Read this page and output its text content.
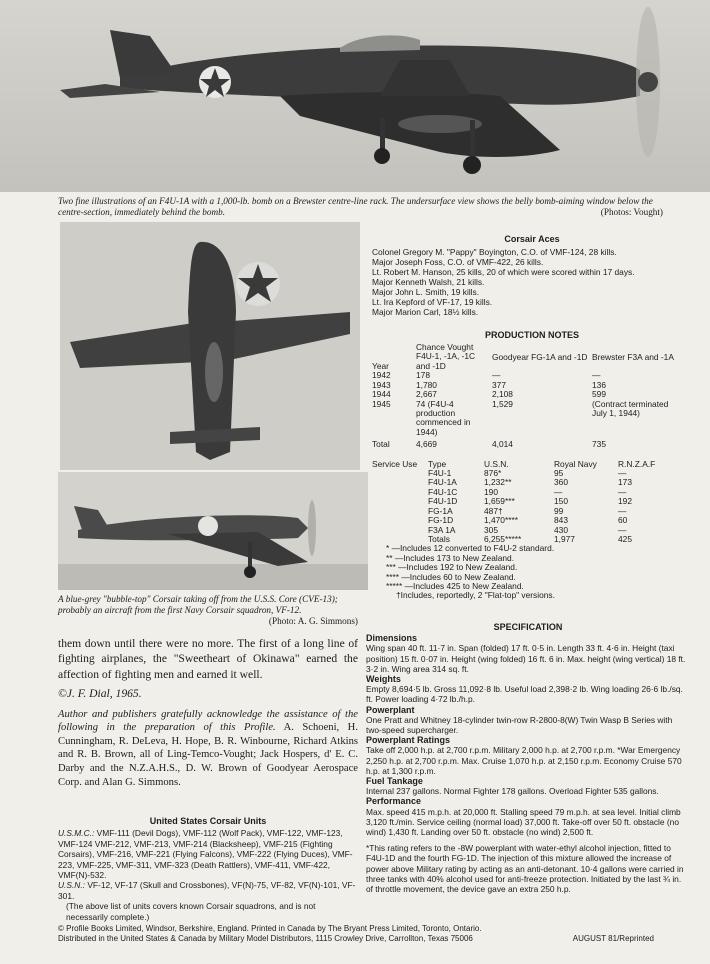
Two fine illustrations of an F4U-1A with a 1,000-lb. bomb on a Brewster centre-line rack. The undersurface view shows the belly bomb-aiming window below the centre-section, immediately behind the bomb.	(Photos: Vought)
A blue-grey "bubble-top" Corsair taking off from the U.S.S. Core (CVE-13); probably an aircraft from the first Navy Corsair squadron, VF-12.
(Photo: A. G. Simmons)
Corsair Aces
Colonel Gregory M. "Pappy" Boyington, C.O. of VMF-124, 28 kills.
Major Joseph Foss, C.O. of VMF-422, 26 kills.
Lt. Robert M. Hanson, 25 kills, 20 of which were scored within 17 days.
Major Kenneth Walsh, 21 kills.
Major John L. Smith, 19 kills.
Lt. Ira Kepford of VF-17, 19 kills.
Major Marion Carl, 18½ kills.
PRODUCTION NOTES
Year	Chance Vought F4U-1, -1A, -1C and -1D	Goodyear FG-1A and -1D	Brewster F3A and -1A
1942	178	—	—
1943	1,780	377	136
1944	2,667	2,108	599
1945	74 (F4U-4 production commenced in 1944)	1,529	(Contract terminated July 1, 1944)
Total	4,669	4,014	735
Service Use	Type	U.S.N.	Royal Navy	R.N.Z.A.F
	F4U-1	876*	95	—
	F4U-1A	1,232**	360	173
	F4U-1C	190	—	—
	F4U-1D	1,659***	150	192
	FG-1A	487†	99	—
	FG-1D	1,470****	843	60
	F3A 1A	305	430	—
	Totals	6,255*****	1,977	425
* —Includes 12 converted to F4U-2 standard.
** —Includes 173 to New Zealand.
*** —Includes 192 to New Zealand.
**** —Includes 60 to New Zealand.
***** —Includes 425 to New Zealand.
†Includes, reportedly, 2 "Flat-top" versions.
SPECIFICATION
Dimensions
Wing span 40 ft. 11·7 in. Span (folded) 17 ft. 0·5 in. Length 33 ft. 4·6 in. Height (taxi position) 15 ft. 0·07 in. Height (wing folded) 16 ft. 6 in. Max. height (wing vertical) 18 ft. 3·2 in. Wing area 314 sq. ft.
Weights
Empty 8,694·5 lb. Gross 11,092·8 lb. Useful load 2,398·2 lb. Wing loading 26·6 lb./sq. ft. Power loading 4·72 lb./h.p.
Powerplant
One Pratt and Whitney 18-cylinder twin-row R-2800-8(W) Twin Wasp B Series with two-speed supercharger.
Powerplant Ratings
Take off 2,000 h.p. at 2,700 r.p.m. Military 2,000 h.p. at 2,700 r.p.m. *War Emergency 2,250 h.p. at 2,700 r.p.m. Max. Cruise 1,070 h.p. at 2,150 r.p.m. Economy Cruise 570 h.p. at 1,300 r.p.m.
Fuel Tankage
Internal 237 gallons. Normal Fighter 178 gallons. Overload Fighter 535 gallons.
Performance
Max. speed 415 m.p.h. at 20,000 ft. Stalling speed 79 m.p.h. at sea level. Initial climb 3,120 ft./min. Service ceiling (normal load) 37,000 ft. Take-off over 50 ft. obstacle (no wind) 1,430 ft. Landing over 50 ft. obstacle (no wind) 2,500 ft.
*This rating refers to the -8W powerplant with water-ethyl alcohol injection, fitted to F4U-1D and the fourth FG-1D. The injection of this mixture allowed the increase of power above Military rating by acting as an anti-detonant. 10·4 gallons were carried in three tanks with 40% alcohol used for anti-freeze protection. Initiated by the last ¾ in. of throttle movement, the device gave an extra 250 h.p.
them down until there were no more. The first of a long line of fighting airplanes, the "Sweetheart of Okinawa" earned the affection of fighting men and earned it well.
©J. F. Dial, 1965.
Author and publishers gratefully acknowledge the assistance of the following in the preparation of this Profile. A. Schoeni, H. Cunningham, R. DeLeva, H. Hope, B. R. Winbourne, Richard Atkins and R. B. Brown, all of Ling-Temco-Vought; Jack Hospers, d' E. C. Darby and the N.Z.A.H.S., D. W. Brown of Goodyear Aerospace Corp. and Alan G. Simmons.
United States Corsair Units
U.S.M.C.: VMF-111 (Devil Dogs), VMF-112 (Wolf Pack), VMF-122, VMF-123, VMF-124 VMF-212, VMF-213, VMF-214 (Blacksheep), VMF-215 (Fighting Corsairs), VMF-216, VMF-221 (Flying Falcons), VMF-222 (Flying Duces), VMF-223, VMF-225, VMF-311, VMF-323 (Death Rattlers), VMF-411, VMF-422, VMF(N)-532.
U.S.N.: VF-12, VF-17 (Skull and Crossbones), VF(N)-75, VF-82, VF(N)-101, VF-301.
(The above list of units covers known Corsair squadrons, and is not necessarily complete.)
© Profile Books Limited, Windsor, Berkshire, England. Printed in Canada by The Bryant Press Limited, Toronto, Ontario.
Distributed in the United States & Canada by Military Model Distributors, 1115 Crowley Drive, Carrollton, Texas 75006	AUGUST 81/Reprinted
